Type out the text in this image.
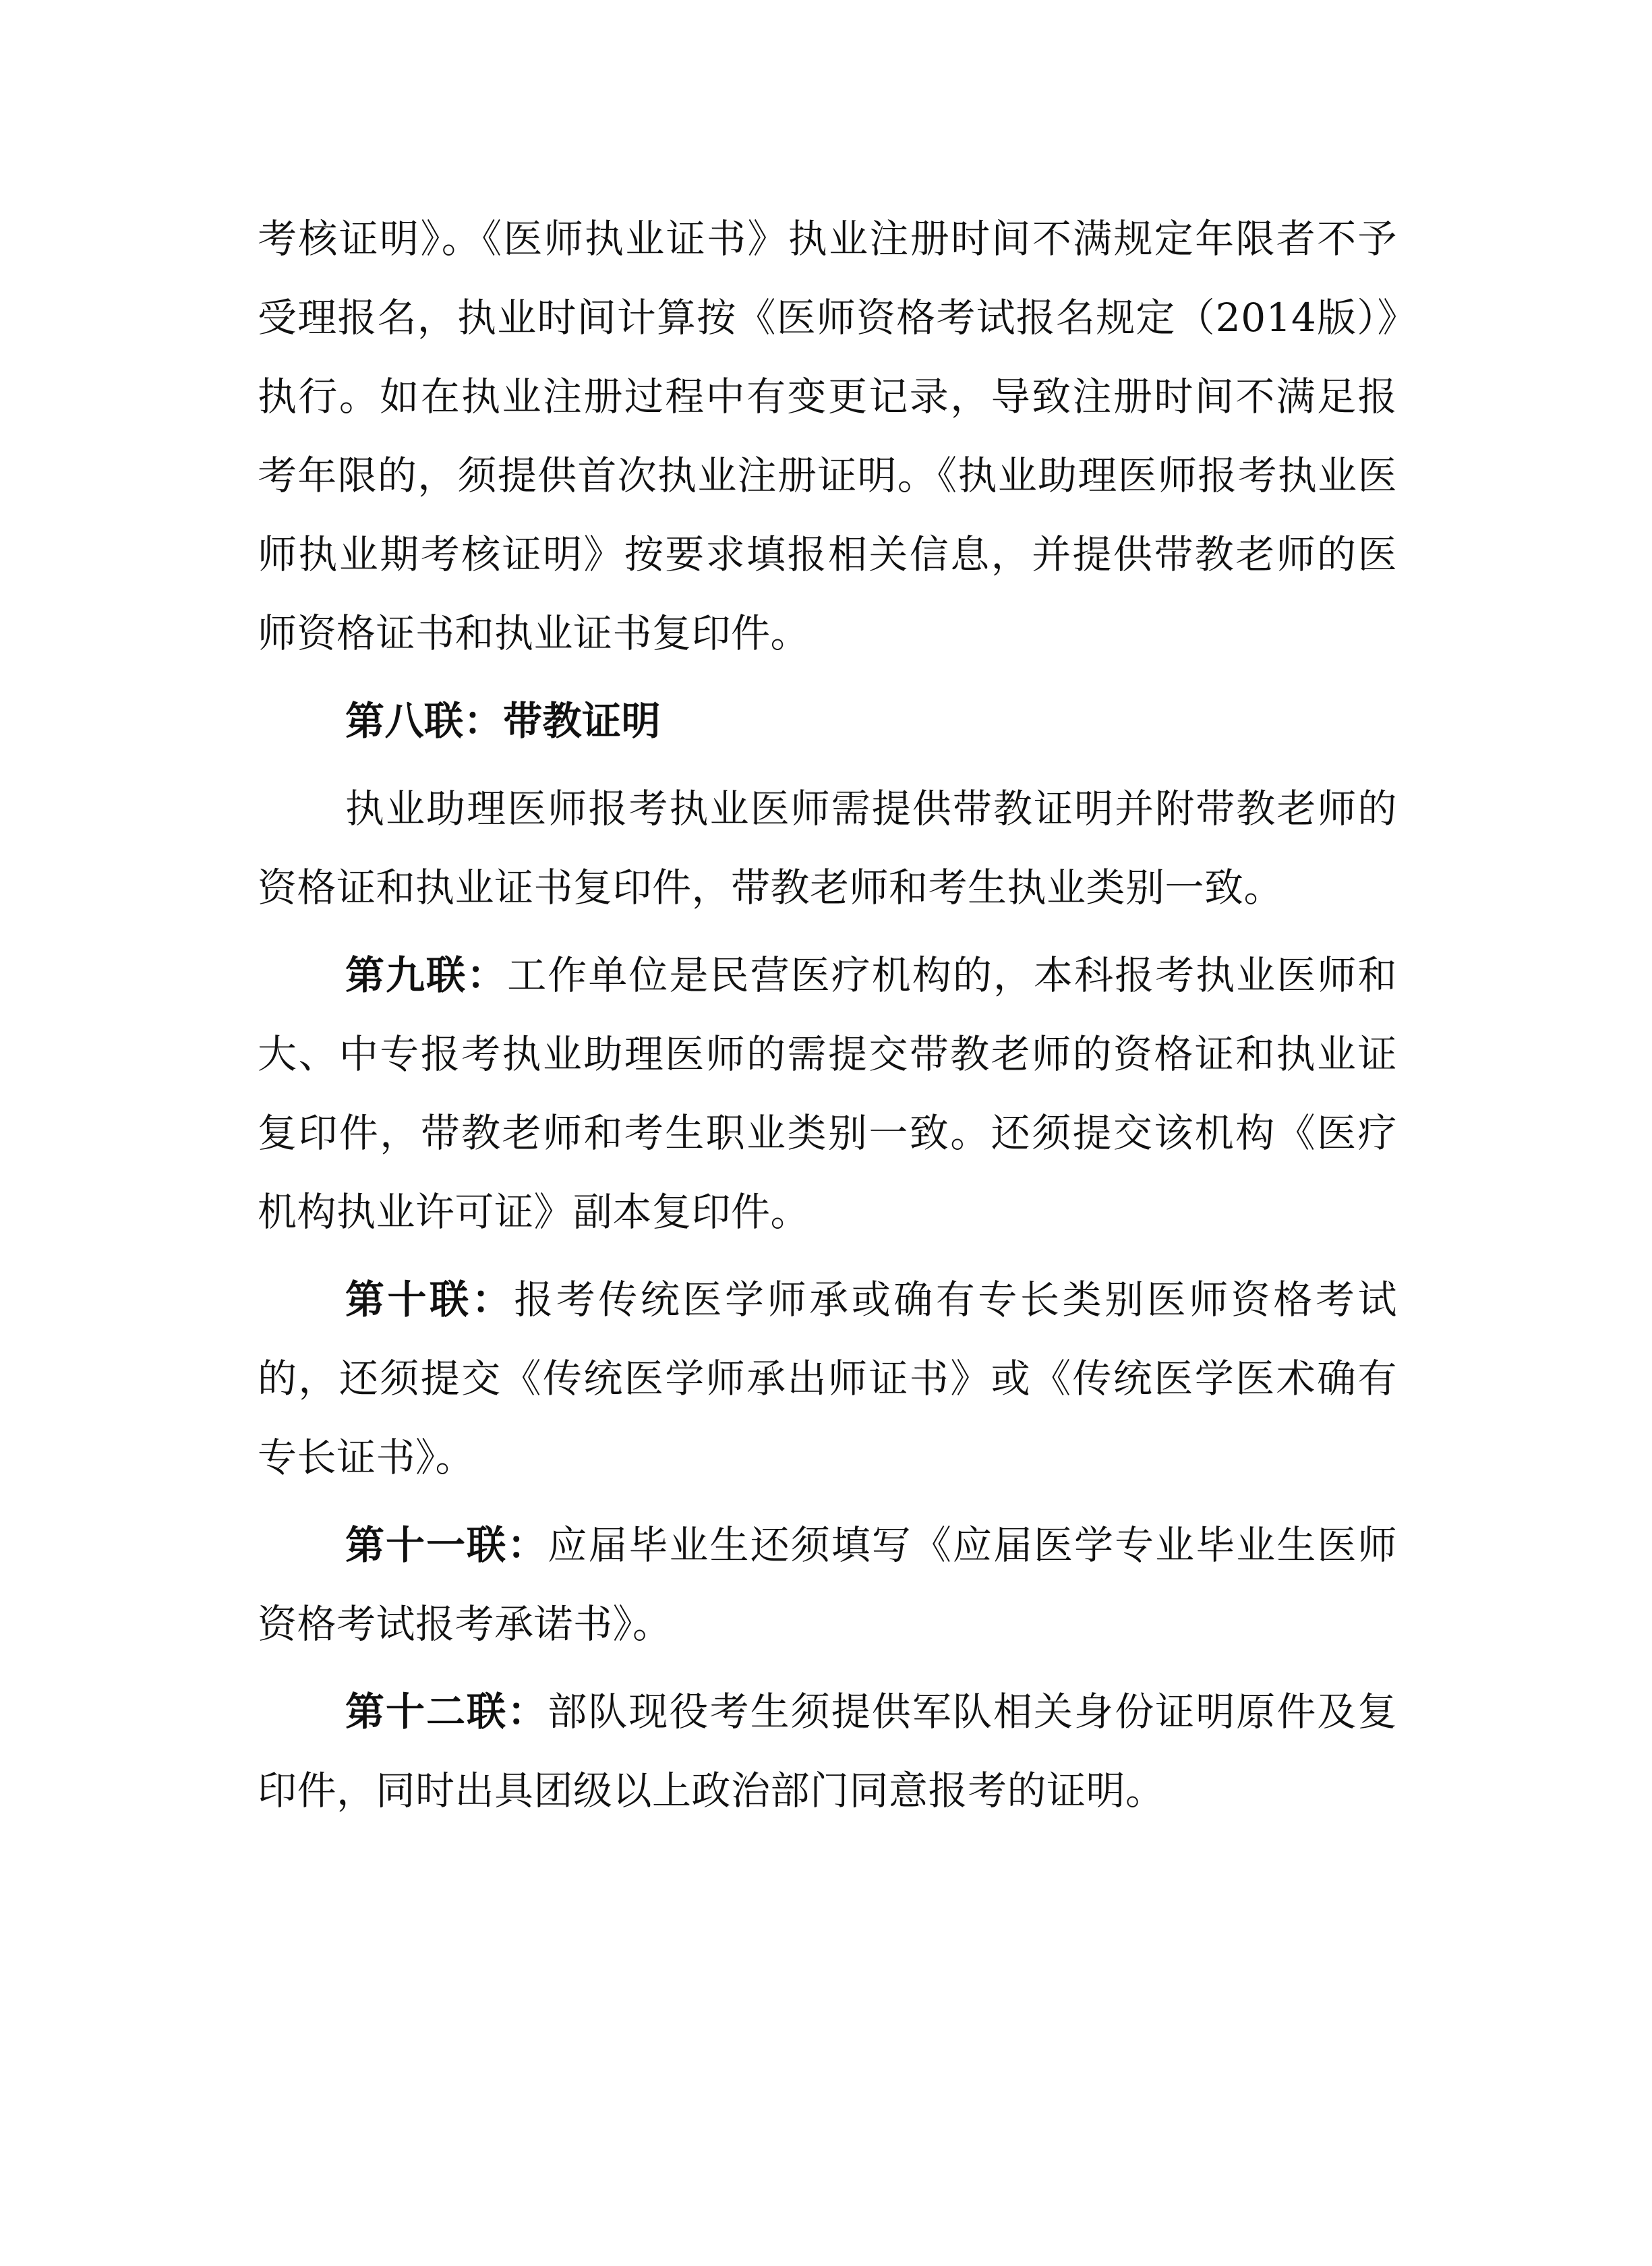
考核证明》。《医师执业证书》执业注册时间不满规定年限者不予受理报名，执业时间计算按《医师资格考试报名规定（2014版）》执行。如在执业注册过程中有变更记录，导致注册时间不满足报考年限的，须提供首次执业注册证明。《执业助理医师报考执业医师执业期考核证明》按要求填报相关信息，并提供带教老师的医师资格证书和执业证书复印件。

第八联：带教证明

执业助理医师报考执业医师需提供带教证明并附带教老师的资格证和执业证书复印件，带教老师和考生执业类别一致。

第九联：工作单位是民营医疗机构的，本科报考执业医师和大、中专报考执业助理医师的需提交带教老师的资格证和执业证复印件，带教老师和考生职业类别一致。还须提交该机构《医疗机构执业许可证》副本复印件。

第十联：报考传统医学师承或确有专长类别医师资格考试的，还须提交《传统医学师承出师证书》或《传统医学医术确有专长证书》。

第十一联：应届毕业生还须填写《应届医学专业毕业生医师资格考试报考承诺书》。

第十二联：部队现役考生须提供军队相关身份证明原件及复印件，同时出具团级以上政治部门同意报考的证明。
